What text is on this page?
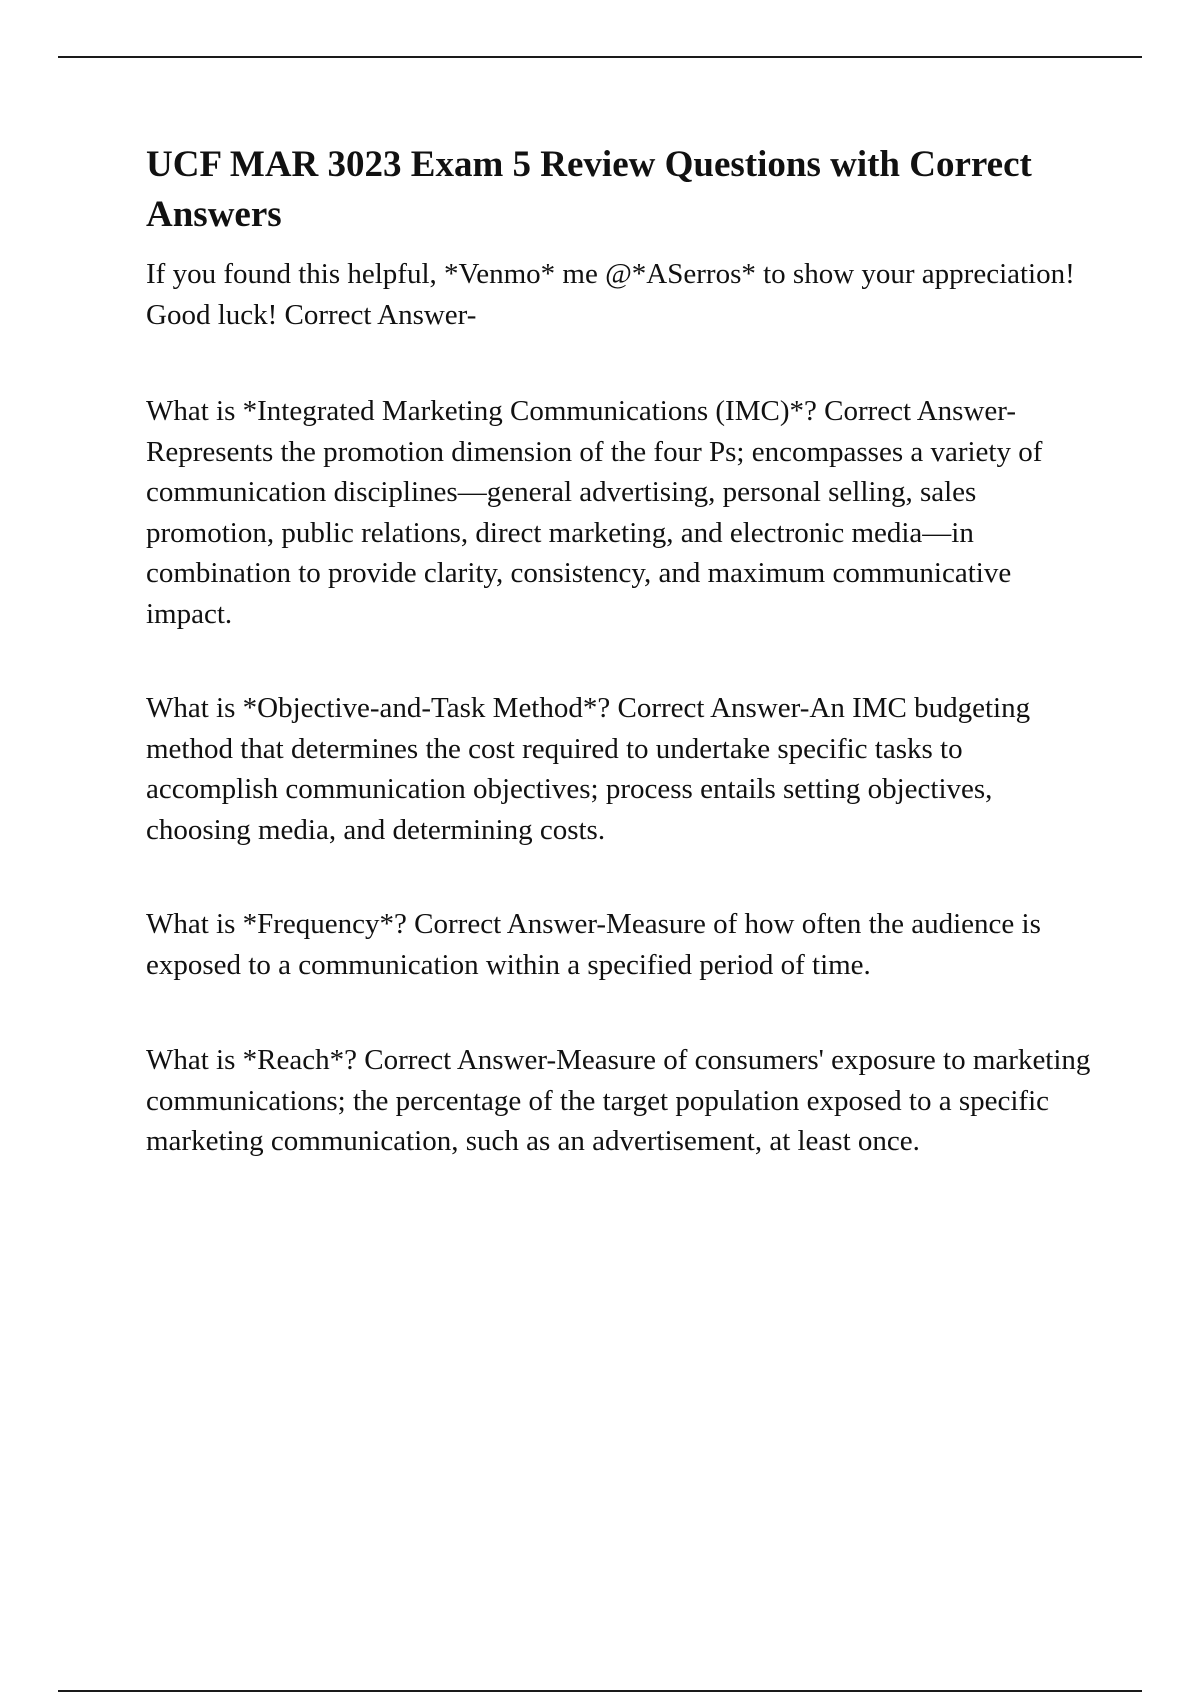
UCF MAR 3023 Exam 5 Review Questions with Correct Answers

If you found this helpful, *Venmo* me @*ASerros* to show your appreciation! Good luck! Correct Answer-

What is *Integrated Marketing Communications (IMC)*? Correct Answer-Represents the promotion dimension of the four Ps; encompasses a variety of communication disciplines—general advertising, personal selling, sales promotion, public relations, direct marketing, and electronic media—in combination to provide clarity, consistency, and maximum communicative impact.

What is *Objective-and-Task Method*? Correct Answer-An IMC budgeting method that determines the cost required to undertake specific tasks to accomplish communication objectives; process entails setting objectives, choosing media, and determining costs.

What is *Frequency*? Correct Answer-Measure of how often the audience is exposed to a communication within a specified period of time.

What is *Reach*? Correct Answer-Measure of consumers' exposure to marketing communications; the percentage of the target population exposed to a specific marketing communication, such as an advertisement, at least once.
